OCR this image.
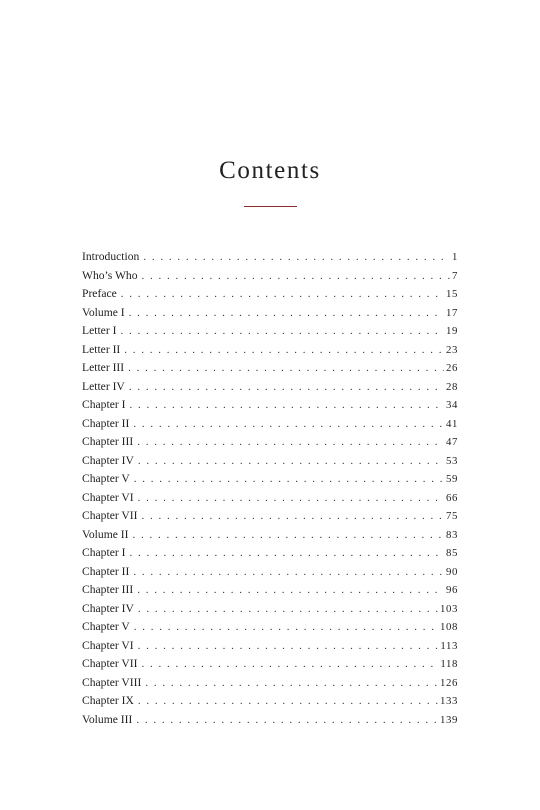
Contents
Introduction . . .	1
Who’s Who . . .	7
Preface . . .	15
Volume I . . .	17
Letter I . . .	19
Letter II . . .	23
Letter III . . .	26
Letter IV . . .	28
Chapter I . . .	34
Chapter II . . .	41
Chapter III . . .	47
Chapter IV . . .	53
Chapter V . . .	59
Chapter VI . . .	66
Chapter VII . . .	75
Volume II . . .	83
Chapter I . . .	85
Chapter II . . .	90
Chapter III . . .	96
Chapter IV . . .	103
Chapter V . . .	108
Chapter VI . . .	113
Chapter VII . . .	118
Chapter VIII . . .	126
Chapter IX . . .	133
Volume III . . .	139
